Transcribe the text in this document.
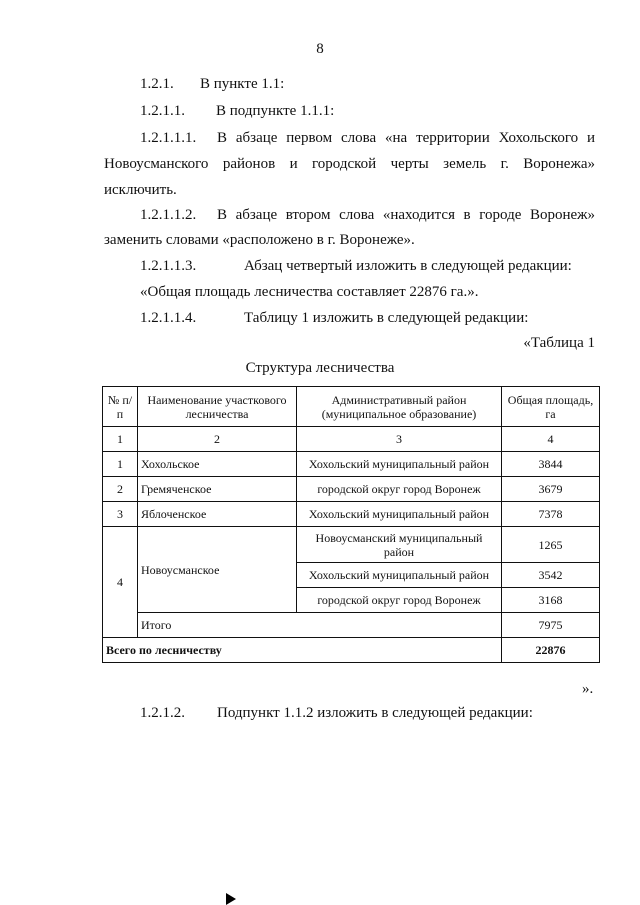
8
1.2.1. В пункте 1.1:
1.2.1.1. В подпункте 1.1.1:
1.2.1.1.1.	В абзаце первом слова «на территории Хохольского и
Новоусманского районов и городской черты земель г. Воронежа»
исключить.
1.2.1.1.2.	В абзаце втором слова «находится в городе Воронеж»
заменить словами «расположено в г. Воронеже».
1.2.1.1.3.	Абзац четвертый изложить в следующей редакции:
«Общая площадь лесничества составляет 22876 га.».
1.2.1.1.4.	Таблицу 1 изложить в следующей редакции:
«Таблица 1
Структура лесничества
№ п/п	Наименование участкового лесничества	Административный район (муниципальное образование)	Общая площадь, га
1	2	3	4
1	Хохольское	Хохольский муниципальный район	3844
2	Гремяченское	городской округ город Воронеж	3679
3	Яблоченское	Хохольский муниципальный район	7378
4	Новоусманское	Новоусманский муниципальный район	1265
		Хохольский муниципальный район	3542
		городской округ город Воронеж	3168
	Итого		7975
Всего по лесничеству			22876
».
1.2.1.2. Подпункт 1.1.2 изложить в следующей редакции:
